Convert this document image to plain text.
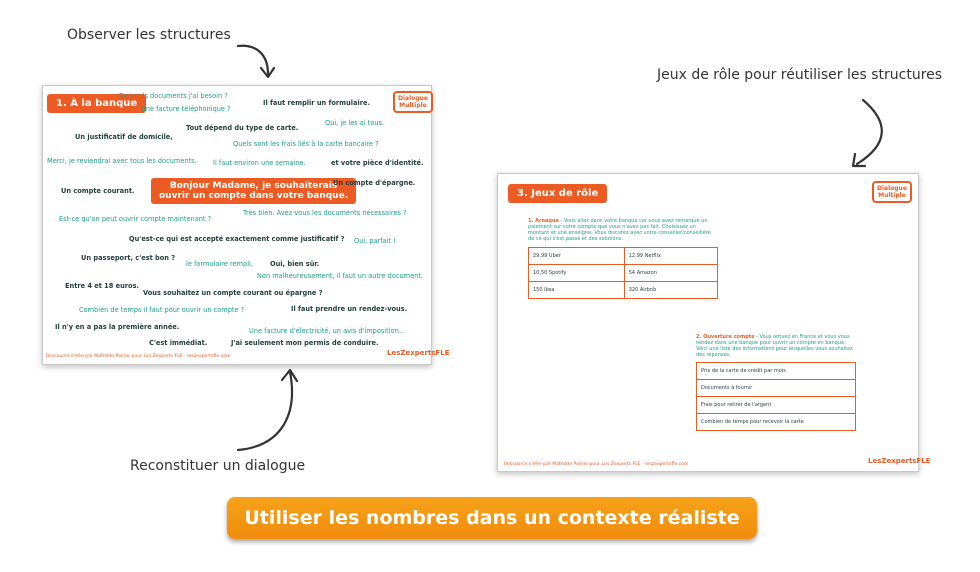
Observer les structures
Jeux de rôle pour réutiliser les structures
Reconstituer un dialogue
1. À la banque	Dialogue
Multiple
De quels documents j'ai besoin ?
Une facture téléphonique ?
Il faut remplir un formulaire.
Oui, je les ai tous.
Tout dépend du type de carte.
Un justificatif de domicile,
Quels sont les frais liés à la carte bancaire ?
Merci, je reviendrai avec tous les documents. Il faut environ une semaine.	et votre pièce d'identité.
Bonjour Madame, je souhaiterais
ouvrir un compte dans votre banque.
Un compte courant.
Un compte d'épargne.
Est-ce qu'on peut ouvrir compte maintenant ?
Très bien. Avez-vous les documents nécessaires ?
Qu'est-ce qui est accepté exactement comme justificatif ? Oui, parfait !
Un passeport, c'est bon ?
le formulaire rempli,	Oui, bien sûr.
Non malheureusement, il faut un autre document.
Entre 4 et 18 euros.
Vous souhaitez un compte courant ou épargne ?
Combien de temps il faut pour ouvrir un compte ?	Il faut prendre un rendez-vous.
Il n'y en a pas la première année.	Une facture d'électricité, un avis d'imposition...
C'est immédiat.	J'ai seulement mon permis de conduire.
Ressource créée par Mathilde Poirier pour Les Zexperts FLE - leszexpertsfle.com	LesZexpertsFLE
3. Jeux de rôle	Dialogue
Multiple
1. Arnaque - Vous allez dans votre banque car vous avez remarqué un paiement sur votre compte que vous n'avez pas fait. Choisissez un montant et une enseigne. Vous discutez avec votre conseiller/conseillère de ce qui s'est passé et des solutions.
29,99 Uber	12,99 Netflix
10,50 Spotify	54 Amazon
150 Ikea	320 Airbnb
2. Ouverture compte - Vous arrivez en France et vous vous rendez dans une banque pour ouvrir un compte en banque. Voici une liste des informations pour lesquelles vous souhaitez des réponses.
Prix de la carte de crédit par mois
Documents à fournir
Frais pour retirer de l'argent
Combien de temps pour recevoir la carte
Ressource créée par Mathilde Poirier pour Les Zexperts FLE - leszexpertsfle.com	LesZexpertsFLE
Utiliser les nombres dans un contexte réaliste
